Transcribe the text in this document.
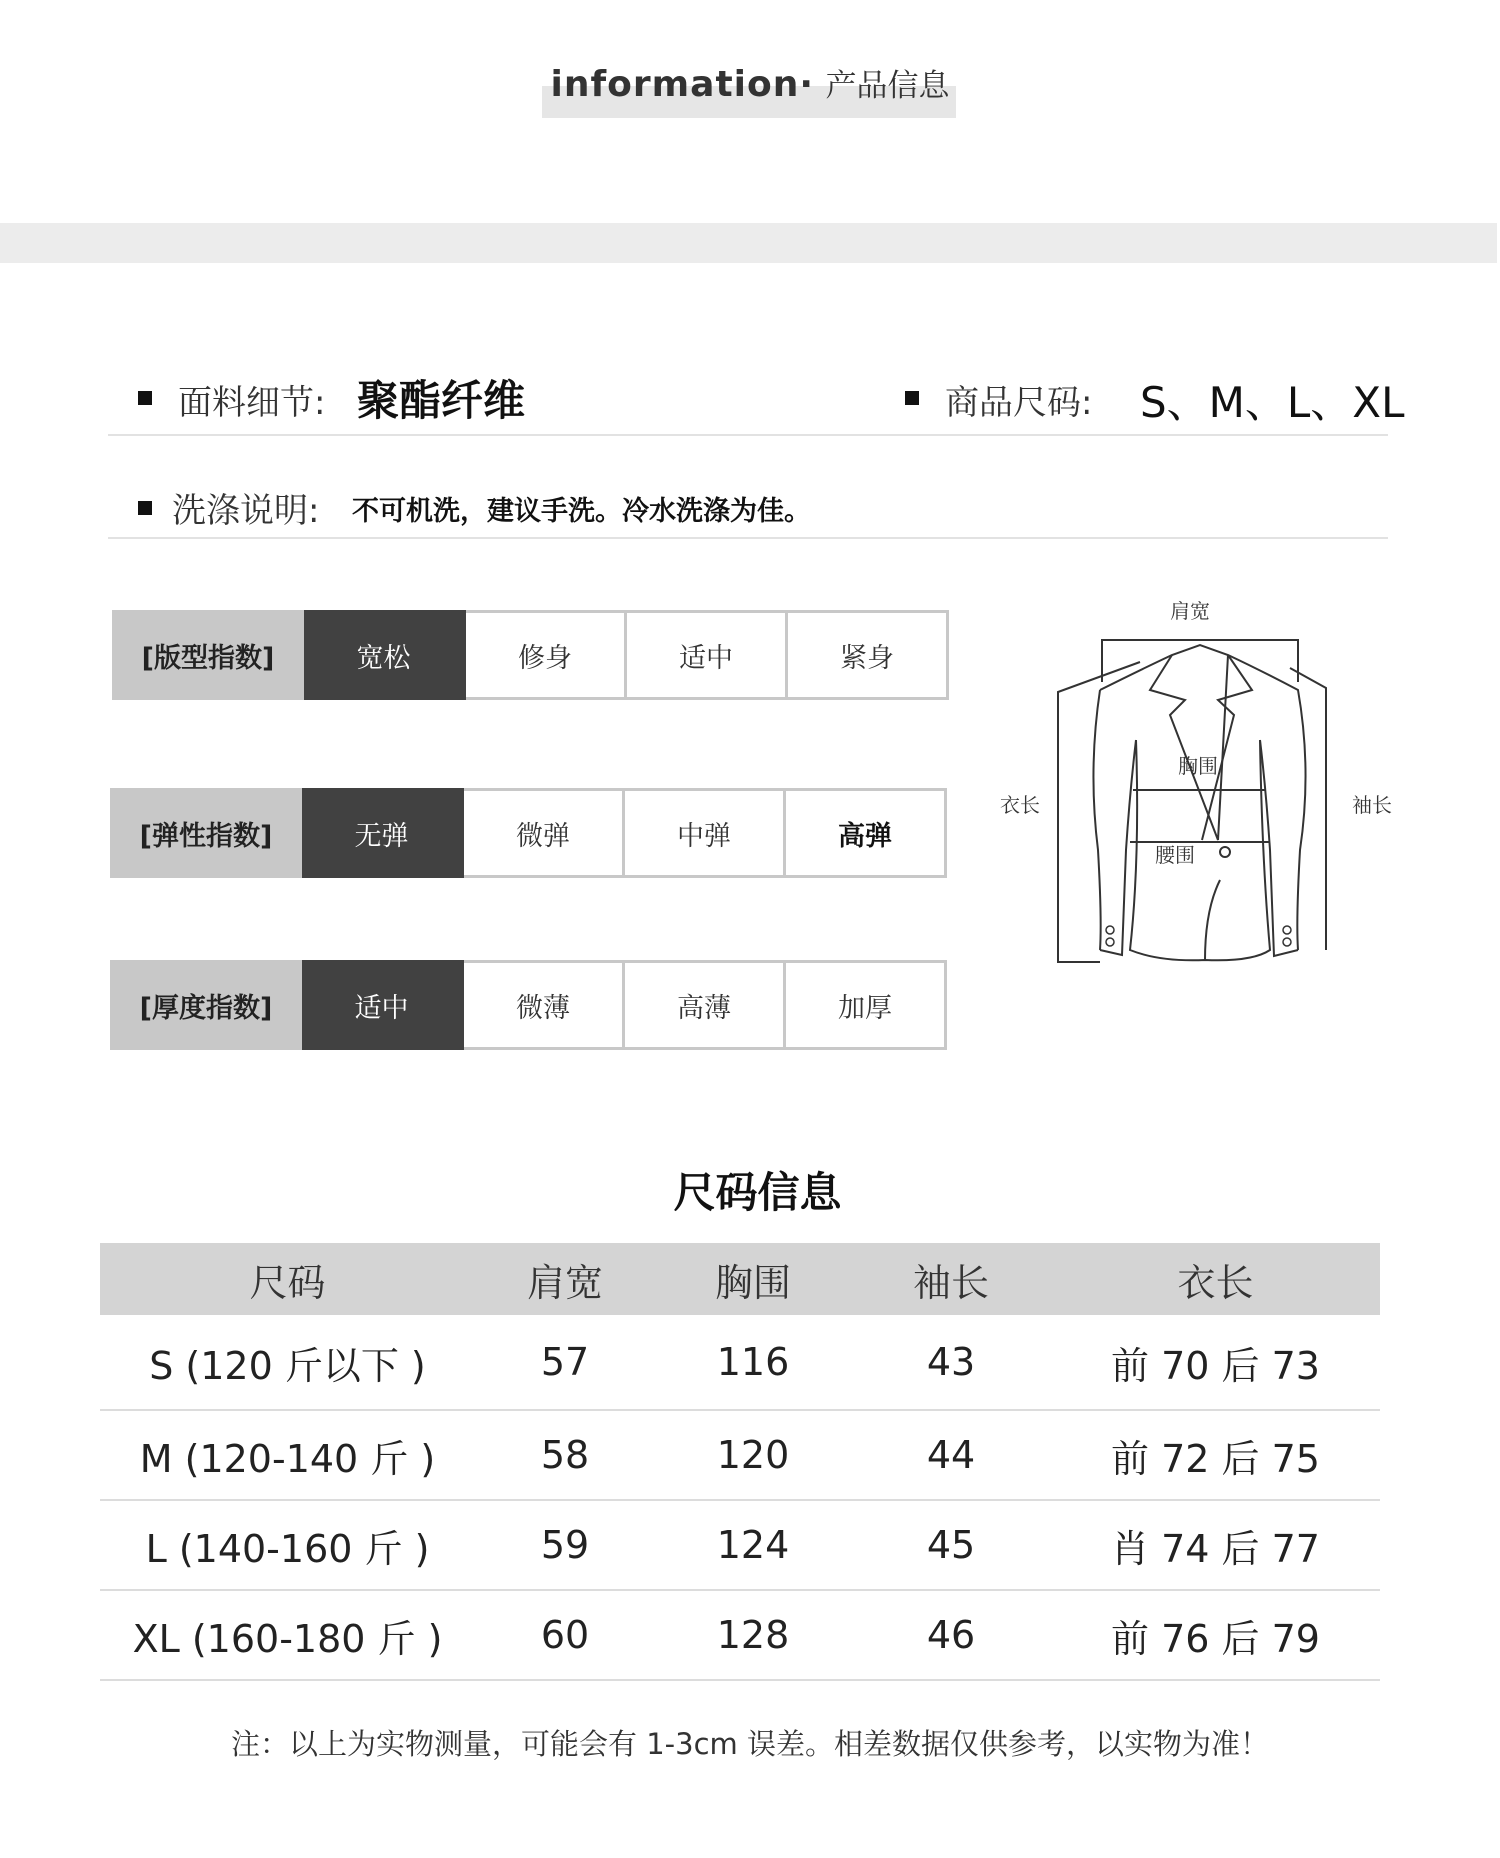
information· 产品信息
面料细节: 聚酯纤维	商品尺码: S、M、L、XL
洗涤说明: 不可机洗，建议手洗。冷水洗涤为佳。
[版型指数]	宽松	修身	适中	紧身
[弹性指数]	无弹	微弹	中弹	高弹
[厚度指数]	适中	微薄	高薄	加厚
肩宽
胸围
衣长	袖长
腰围
尺码信息
尺码	肩宽	胸围	袖长	衣长
S (120 斤以下 )	57	116	43	前 70 后 73
M (120-140 斤 )	58	120	44	前 72 后 75
L (140-160 斤 )	59	124	45	肖 74 后 77
XL (160-180 斤 )	60	128	46	前 76 后 79
注：以上为实物测量，可能会有 1-3cm 误差。相差数据仅供参考，以实物为准！
